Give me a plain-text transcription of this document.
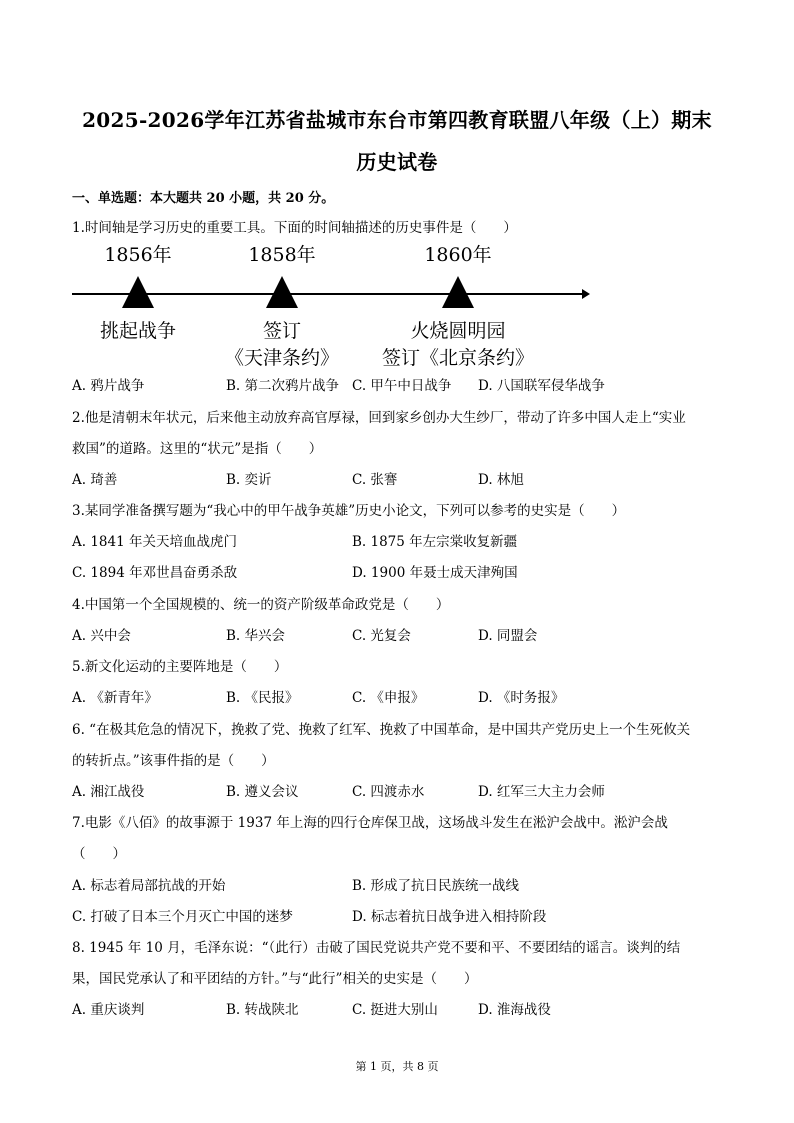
2025-2026学年江苏省盐城市东台市第四教育联盟八年级（上）期末
历史试卷
一、单选题：本大题共 20 小题，共 20 分。
1.时间轴是学习历史的重要工具。下面的时间轴描述的历史事件是（　　）
1856年	1858年	1860年
挑起战争	签订
《天津条约》
火烧圆明园
签订《北京条约》
A. 鸦片战争	B. 第二次鸦片战争 C. 甲午中日战争 D. 八国联军侵华战争
2.他是清朝末年状元，后来他主动放弃高官厚禄，回到家乡创办大生纱厂，带动了许多中国人走上“实业
救国”的道路。这里的“状元”是指（　　）
A. 琦善	B. 奕䜣	C. 张謇	D. 林旭
3.某同学准备撰写题为“我心中的甲午战争英雄”历史小论文，下列可以参考的史实是（　　）
A. 1841 年关天培血战虎门	B. 1875 年左宗棠收复新疆
C. 1894 年邓世昌奋勇杀敌	D. 1900 年聂士成天津殉国
4.中国第一个全国规模的、统一的资产阶级革命政党是（　　）
A. 兴中会	B. 华兴会	C. 光复会	D. 同盟会
5.新文化运动的主要阵地是（　　）
A. 《新青年》	B. 《民报》	C. 《申报》	D. 《时务报》
6. “在极其危急的情况下，挽救了党、挽救了红军、挽救了中国革命，是中国共产党历史上一个生死攸关
的转折点。”该事件指的是（　　）
A. 湘江战役	B. 遵义会议	C. 四渡赤水	D. 红军三大主力会师
7.电影《八佰》的故事源于 1937 年上海的四行仓库保卫战，这场战斗发生在淞沪会战中。淞沪会战
（　　）
A. 标志着局部抗战的开始	B. 形成了抗日民族统一战线
C. 打破了日本三个月灭亡中国的迷梦	D. 标志着抗日战争进入相持阶段
8. 1945 年 10 月，毛泽东说：“（此行）击破了国民党说共产党不要和平、不要团结的谣言。谈判的结
果，国民党承认了和平团结的方针。”与“此行”相关的史实是（　　）
A. 重庆谈判	B. 转战陕北	C. 挺进大别山	D. 淮海战役
第 1 页，共 8 页
